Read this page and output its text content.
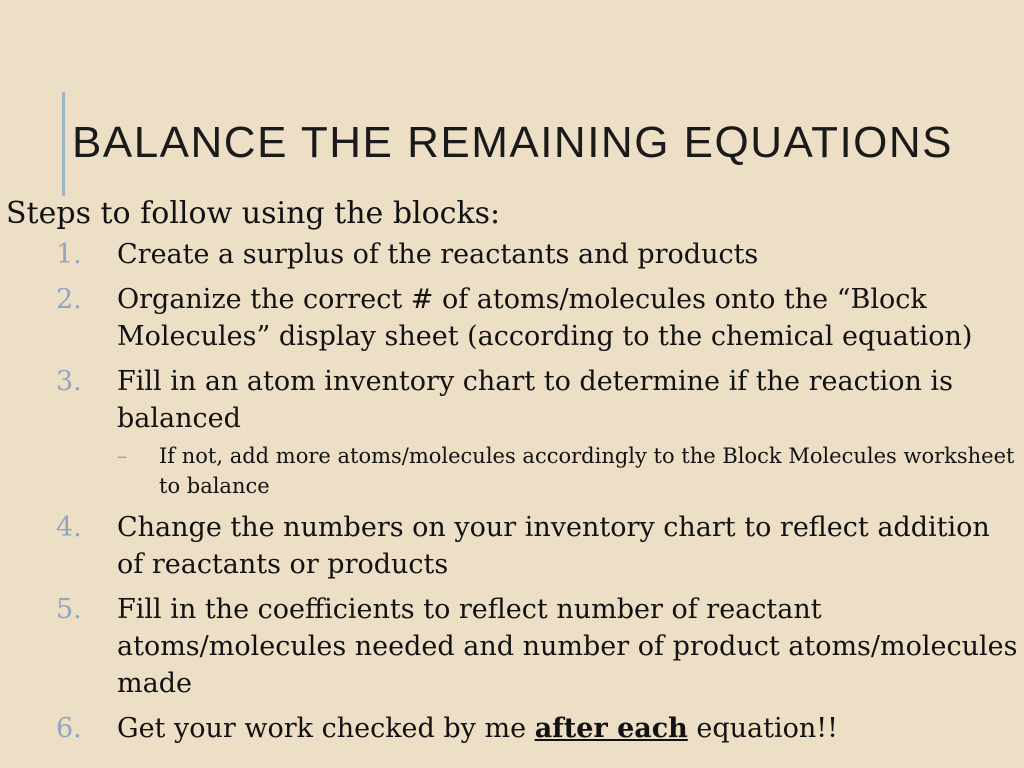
BALANCE THE REMAINING EQUATIONS

Steps to follow using the blocks:

1. Create a surplus of the reactants and products
2. Organize the correct # of atoms/molecules onto the “Block Molecules” display sheet (according to the chemical equation)
3. Fill in an atom inventory chart to determine if the reaction is balanced
– If not, add more atoms/molecules accordingly to the Block Molecules worksheet to balance
4. Change the numbers on your inventory chart to reflect addition of reactants or products
5. Fill in the coefficients to reflect number of reactant atoms/molecules needed and number of product atoms/molecules made
6. Get your work checked by me after each equation!!
